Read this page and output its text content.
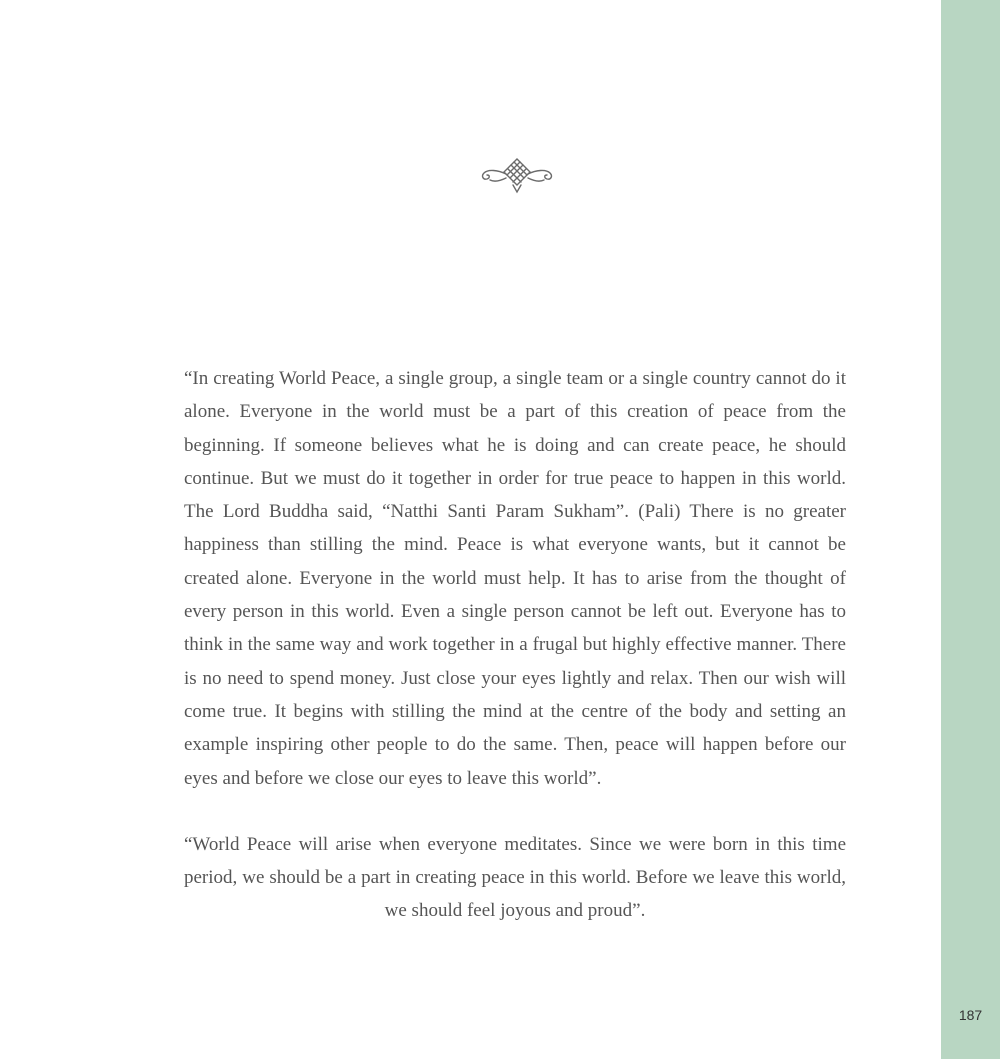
187

“In creating World Peace, a single group, a single team or a single country cannot do it alone. Everyone in the world must be a part of this creation of peace from the beginning. If someone believes what he is doing and can create peace, he should continue. But we must do it together in order for true peace to happen in this world. The Lord Buddha said, “Natthi Santi Param Sukham”. (Pali) There is no greater happiness than stilling the mind. Peace is what everyone wants, but it cannot be created alone. Everyone in the world must help. It has to arise from the thought of every person in this world. Even a single person cannot be left out. Everyone has to think in the same way and work together in a frugal but highly effective manner. There is no need to spend money. Just close your eyes lightly and relax. Then our wish will come true. It begins with stilling the mind at the centre of the body and setting an example inspiring other people to do the same. Then, peace will happen before our eyes and before we close our eyes to leave this world”.

“World Peace will arise when everyone meditates. Since we were born in this time period, we should be a part in creating peace in this world. Before we leave this world, we should feel joyous and proud”.
